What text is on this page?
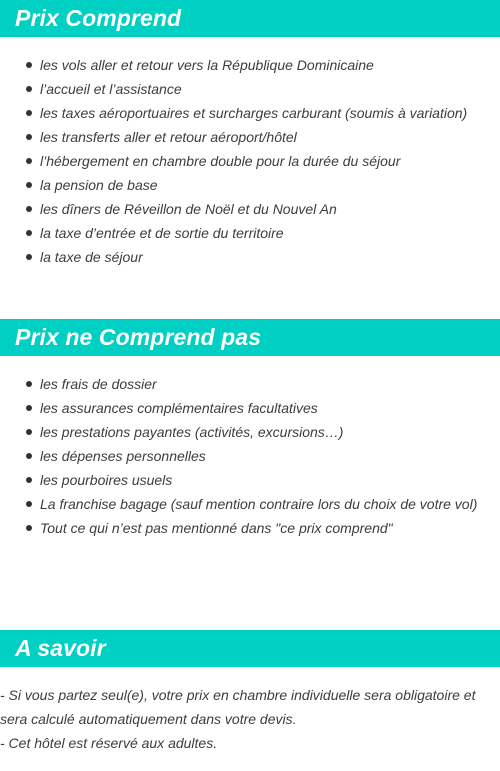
Prix Comprend
les vols aller et retour vers la République Dominicaine
l’accueil et l’assistance
les taxes aéroportuaires et surcharges carburant (soumis à variation)
les transferts aller et retour aéroport/hôtel
l’hébergement en chambre double pour la durée du séjour
la pension de base
les dîners de Réveillon de Noël et du Nouvel An
la taxe d’entrée et de sortie du territoire
la taxe de séjour
Prix ne Comprend pas
les frais de dossier
les assurances complémentaires facultatives
les prestations payantes (activités, excursions…)
les dépenses personnelles
les pourboires usuels
La franchise bagage (sauf mention contraire lors du choix de votre vol)
Tout ce qui n’est pas mentionné dans "ce prix comprend"
A savoir

- Si vous partez seul(e), votre prix en chambre individuelle sera obligatoire et sera calculé automatiquement dans votre devis.

- Cet hôtel est réservé aux adultes.
